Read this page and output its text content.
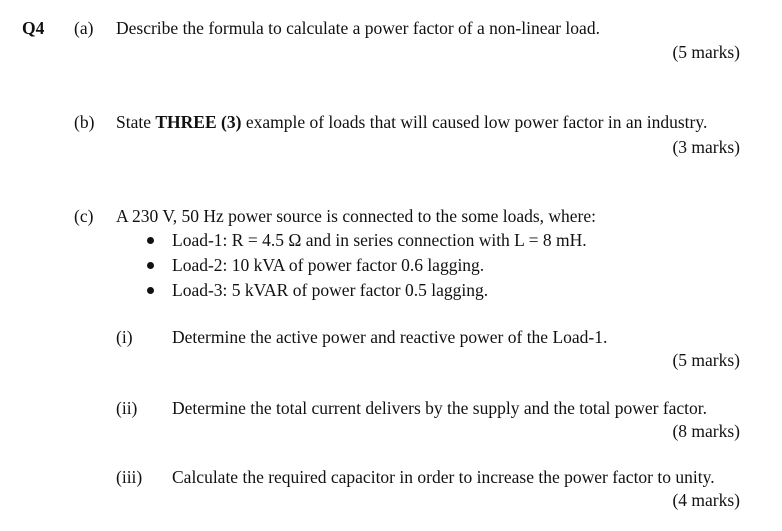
Q4 (a) Describe the formula to calculate a power factor of a non-linear load.
(5 marks)
(b) State THREE (3) example of loads that will caused low power factor in an industry.
(3 marks)
(c) A 230 V, 50 Hz power source is connected to the some loads, where:
Load-1: R = 4.5 Ω and in series connection with L = 8 mH.
Load-2: 10 kVA of power factor 0.6 lagging.
Load-3: 5 kVAR of power factor 0.5 lagging.
(i) Determine the active power and reactive power of the Load-1.
(5 marks)
(ii) Determine the total current delivers by the supply and the total power factor.
(8 marks)
(iii) Calculate the required capacitor in order to increase the power factor to unity.
(4 marks)
